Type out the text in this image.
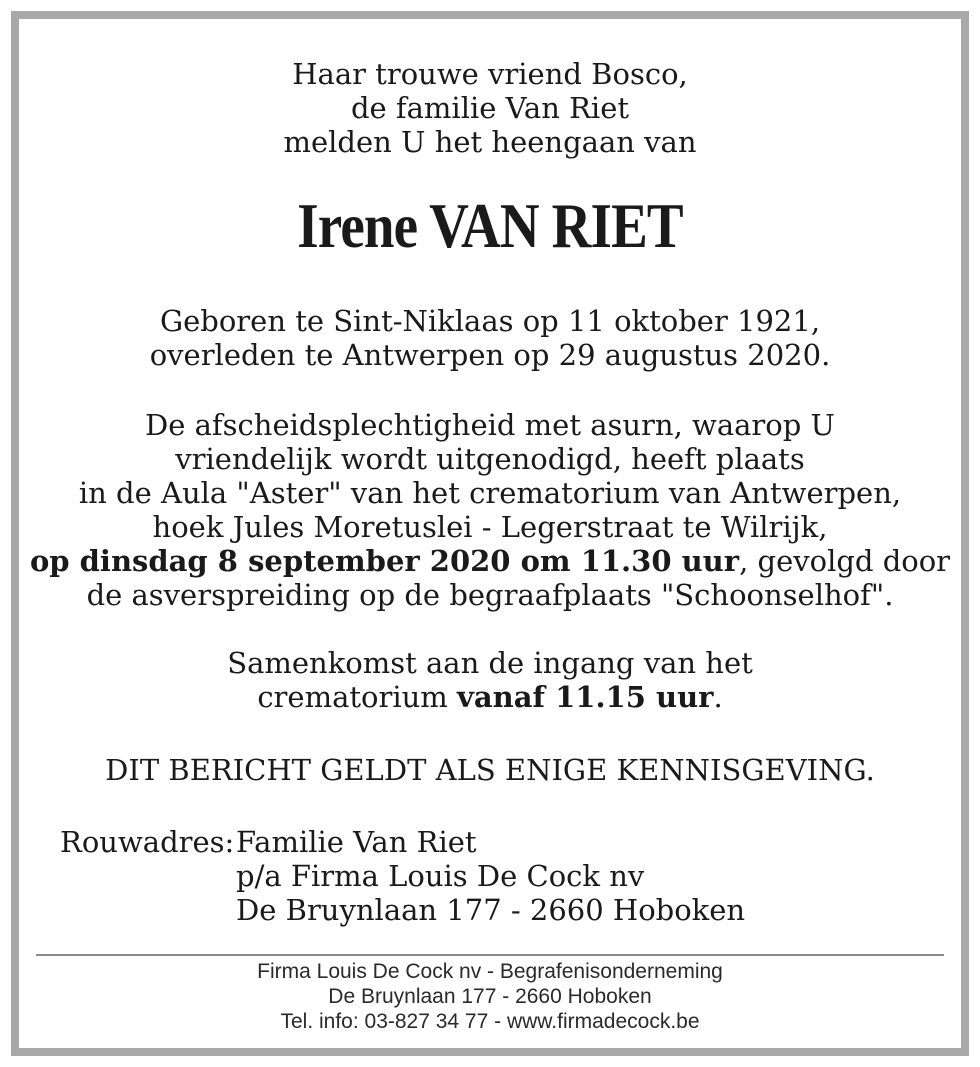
Haar trouwe vriend Bosco,
de familie Van Riet
melden U het heengaan van
Irene VAN RIET
Geboren te Sint-Niklaas op 11 oktober 1921,
overleden te Antwerpen op 29 augustus 2020.
De afscheidsplechtigheid met asurn, waarop U
vriendelijk wordt uitgenodigd, heeft plaats
in de Aula "Aster" van het crematorium van Antwerpen,
hoek Jules Moretuslei - Legerstraat te Wilrijk,
op dinsdag 8 september 2020 om 11.30 uur, gevolgd door
de asverspreiding op de begraafplaats "Schoonselhof".
Samenkomst aan de ingang van het
crematorium vanaf 11.15 uur.
DIT BERICHT GELDT ALS ENIGE KENNISGEVING.
Rouwadres: Familie Van Riet
p/a Firma Louis De Cock nv
De Bruynlaan 177 - 2660 Hoboken
Firma Louis De Cock nv - Begrafenisonderneming
De Bruynlaan 177 - 2660 Hoboken
Tel. info: 03-827 34 77 - www.firmadecock.be
